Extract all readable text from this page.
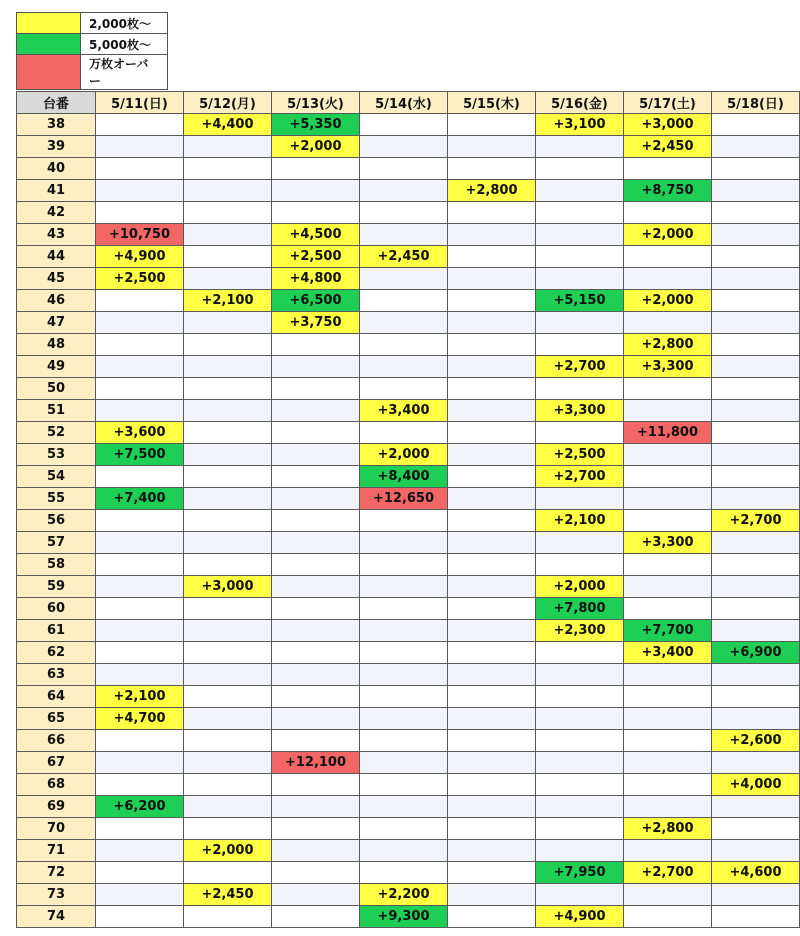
	2,000枚～
	5,000枚～
	万枚オーバー
台番	5/11(日)	5/12(月)	5/13(火)	5/14(水)	5/15(木)	5/16(金)	5/17(土)	5/18(日)
38		+4,400	+5,350			+3,100	+3,000	
39			+2,000				+2,450	
40								
41					+2,800		+8,750	
42								
43	+10,750		+4,500				+2,000	
44	+4,900		+2,500	+2,450				
45	+2,500		+4,800					
46		+2,100	+6,500			+5,150	+2,000	
47			+3,750					
48							+2,800	
49						+2,700	+3,300	
50								
51				+3,400		+3,300		
52	+3,600						+11,800	
53	+7,500			+2,000		+2,500		
54				+8,400		+2,700		
55	+7,400			+12,650				
56						+2,100		+2,700
57							+3,300	
58								
59		+3,000				+2,000		
60						+7,800		
61						+2,300	+7,700	
62							+3,400	+6,900
63								
64	+2,100							
65	+4,700							
66								+2,600
67			+12,100					
68								+4,000
69	+6,200							
70							+2,800	
71		+2,000						
72						+7,950	+2,700	+4,600
73		+2,450		+2,200				
74				+9,300		+4,900		
